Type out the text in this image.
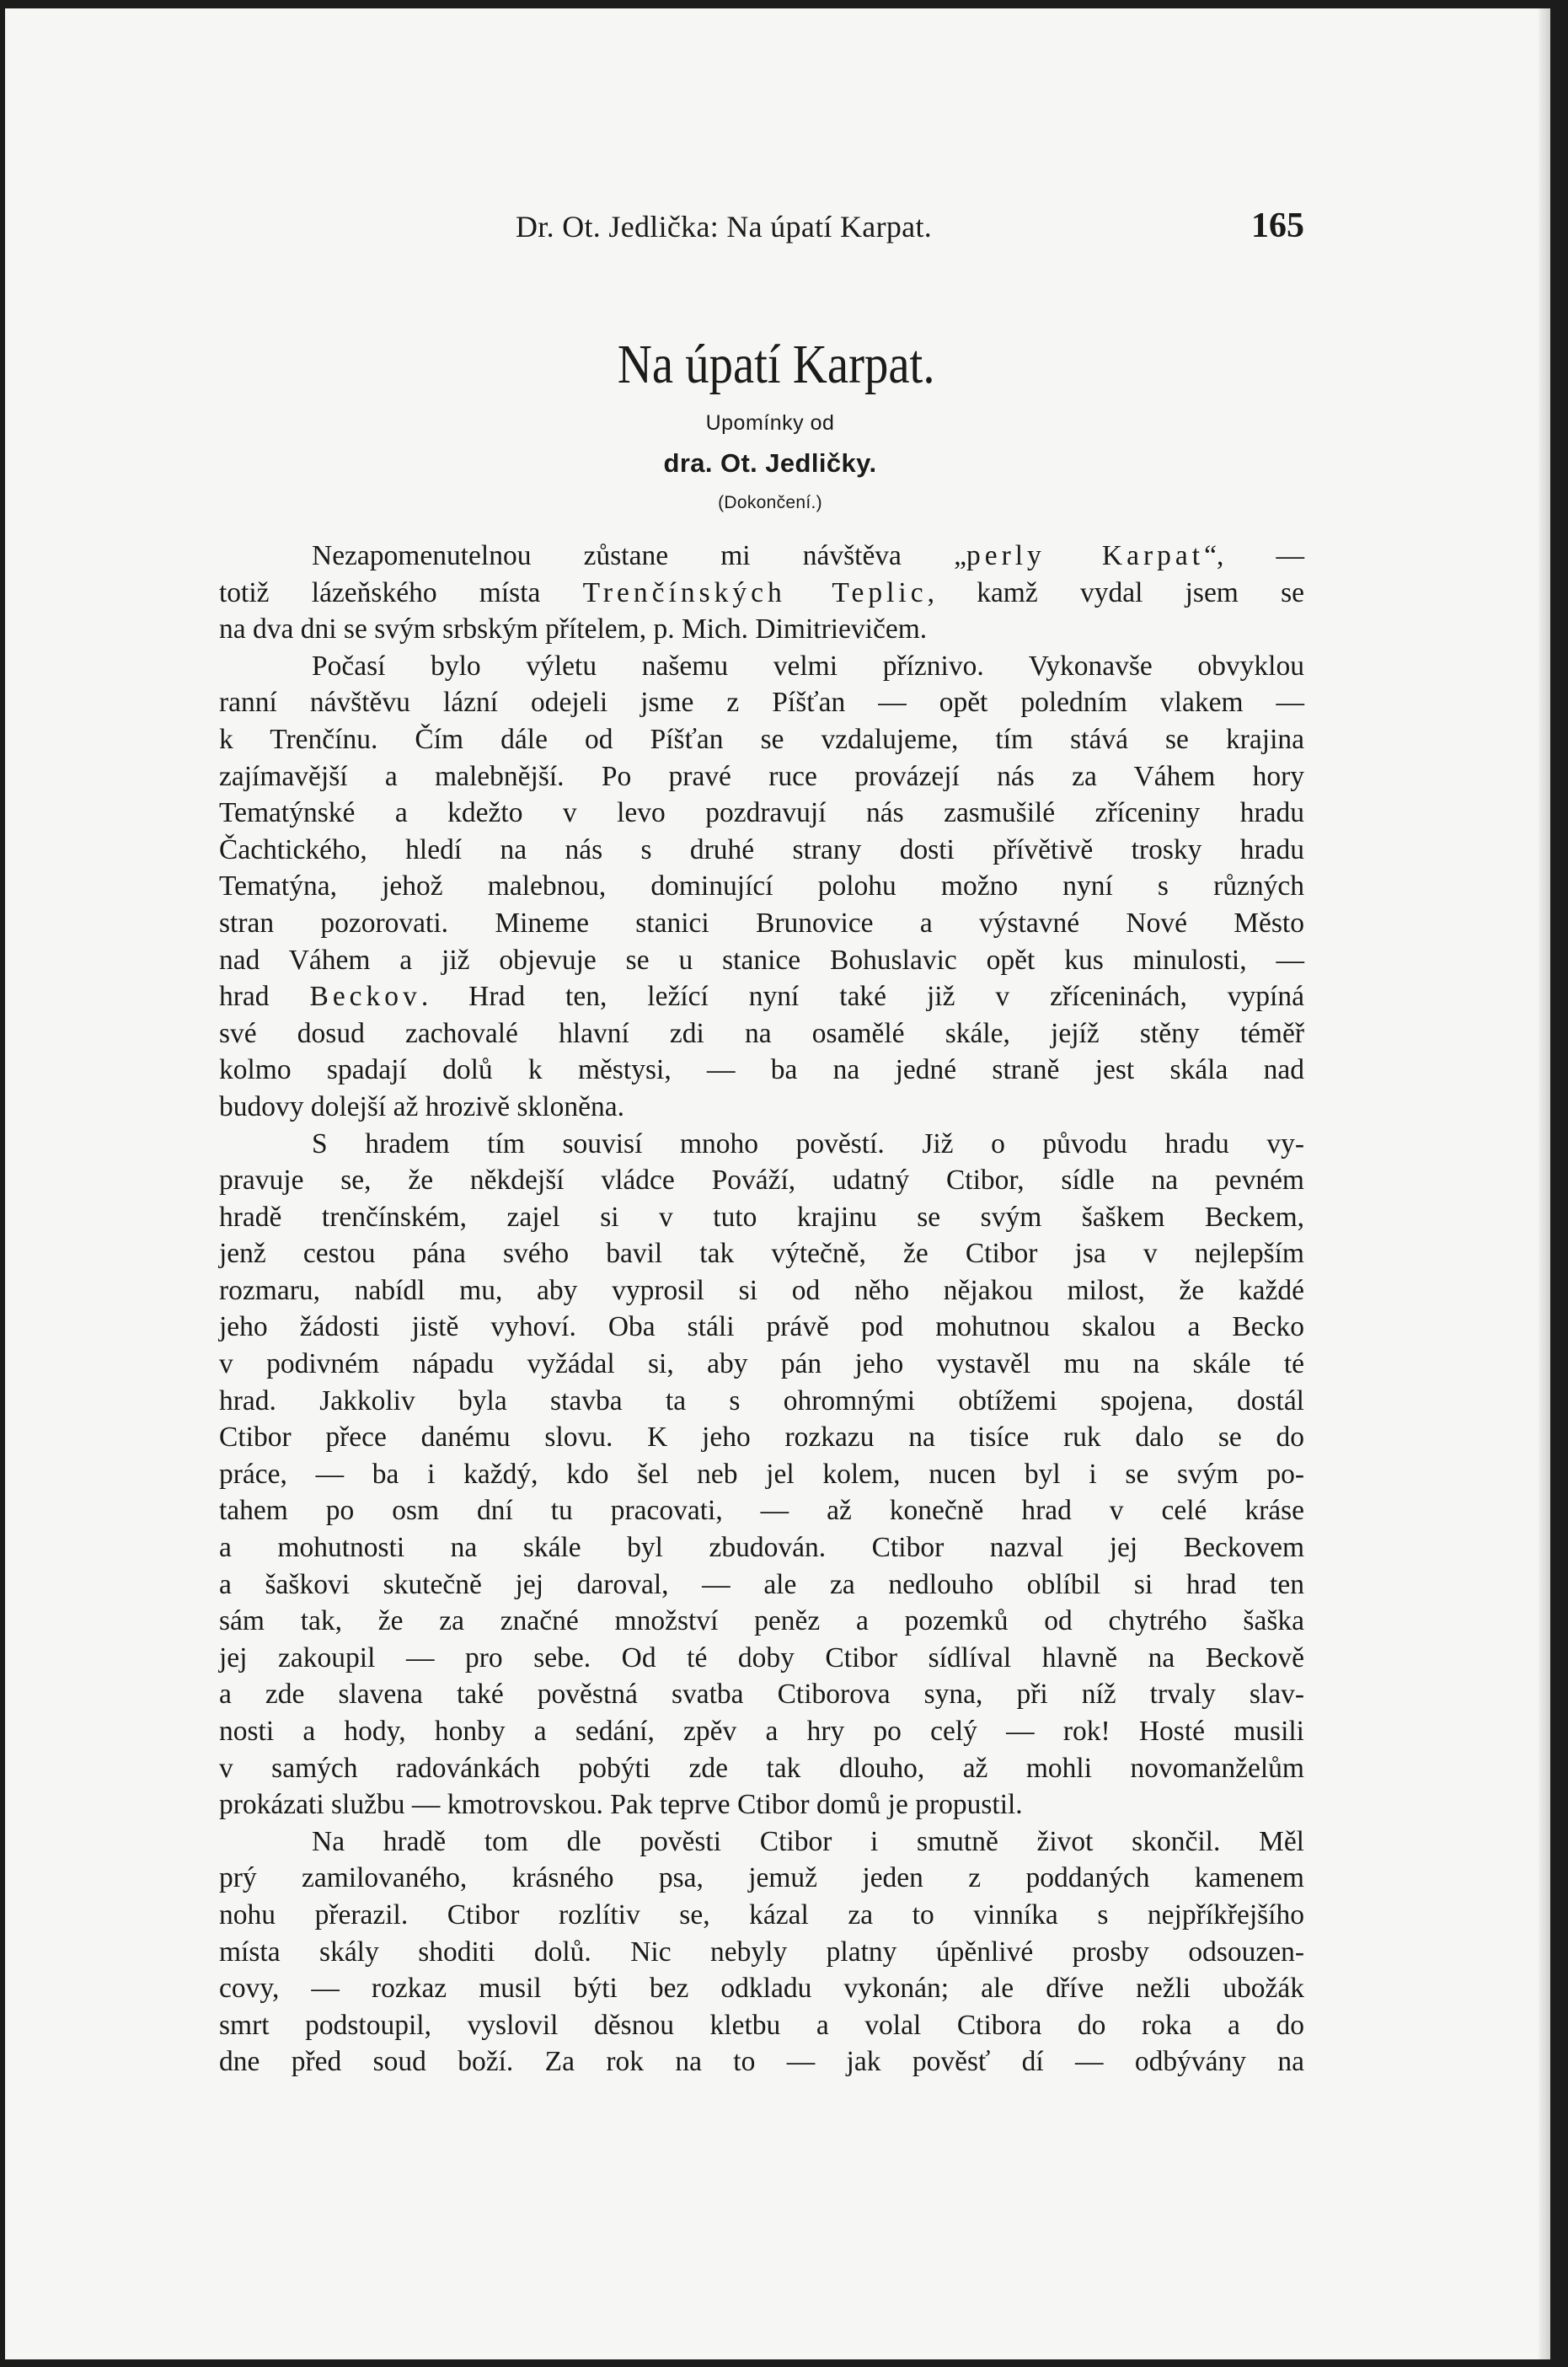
Dr. Ot. Jedlička: Na úpatí Karpat.	165
Na úpatí Karpat.
Upomínky od
dra. Ot. Jedličky.
(Dokončení.)
Nezapomenutelnou zůstane mi návštěva „perly Karpat“, —
totiž lázeňského místa Trenčínských Teplic, kamž vydal jsem se
na dva dni se svým srbským přítelem, p. Mich. Dimitrievičem.
Počasí bylo výletu našemu velmi příznivo. Vykonavše obvyklou
ranní návštěvu lázní odejeli jsme z Píšťan — opět poledním vlakem —
k Trenčínu. Čím dále od Píšťan se vzdalujeme, tím stává se krajina
zajímavější a malebnější. Po pravé ruce provázejí nás za Váhem hory
Tematýnské a kdežto v levo pozdravují nás zasmušilé zříceniny hradu
Čachtického, hledí na nás s druhé strany dosti přívětivě trosky hradu
Tematýna, jehož malebnou, dominující polohu možno nyní s různých
stran pozorovati. Mineme stanici Brunovice a výstavné Nové Město
nad Váhem a již objevuje se u stanice Bohuslavic opět kus minulosti, —
hrad Beckov. Hrad ten, ležící nyní také již v zříceninách, vypíná
své dosud zachovalé hlavní zdi na osamělé skále, jejíž stěny téměř
kolmo spadají dolů k městysi, — ba na jedné straně jest skála nad
budovy dolejší až hrozivě skloněna.
S hradem tím souvisí mnoho pověstí. Již o původu hradu vy-
pravuje se, že někdejší vládce Pováží, udatný Ctibor, sídle na pevném
hradě trenčínském, zajel si v tuto krajinu se svým šaškem Beckem,
jenž cestou pána svého bavil tak výtečně, že Ctibor jsa v nejlepším
rozmaru, nabídl mu, aby vyprosil si od něho nějakou milost, že každé
jeho žádosti jistě vyhoví. Oba stáli právě pod mohutnou skalou a Becko
v podivném nápadu vyžádal si, aby pán jeho vystavěl mu na skále té
hrad. Jakkoliv byla stavba ta s ohromnými obtížemi spojena, dostál
Ctibor přece danému slovu. K jeho rozkazu na tisíce ruk dalo se do
práce, — ba i každý, kdo šel neb jel kolem, nucen byl i se svým po-
tahem po osm dní tu pracovati, — až konečně hrad v celé kráse
a mohutnosti na skále byl zbudován. Ctibor nazval jej Beckovem
a šaškovi skutečně jej daroval, — ale za nedlouho oblíbil si hrad ten
sám tak, že za značné množství peněz a pozemků od chytrého šaška
jej zakoupil — pro sebe. Od té doby Ctibor sídlíval hlavně na Beckově
a zde slavena také pověstná svatba Ctiborova syna, při níž trvaly slav-
nosti a hody, honby a sedání, zpěv a hry po celý — rok! Hosté musili
v samých radovánkách pobýti zde tak dlouho, až mohli novomanželům
prokázati službu — kmotrovskou. Pak teprve Ctibor domů je propustil.
Na hradě tom dle pověsti Ctibor i smutně život skončil. Měl
prý zamilovaného, krásného psa, jemuž jeden z poddaných kamenem
nohu přerazil. Ctibor rozlítiv se, kázal za to vinníka s nejpříkřejšího
místa skály shoditi dolů. Nic nebyly platny úpěnlivé prosby odsouzen-
covy, — rozkaz musil býti bez odkladu vykonán; ale dříve nežli ubožák
smrt podstoupil, vyslovil děsnou kletbu a volal Ctibora do roka a do
dne před soud boží. Za rok na to — jak pověsť dí — odbývány na
